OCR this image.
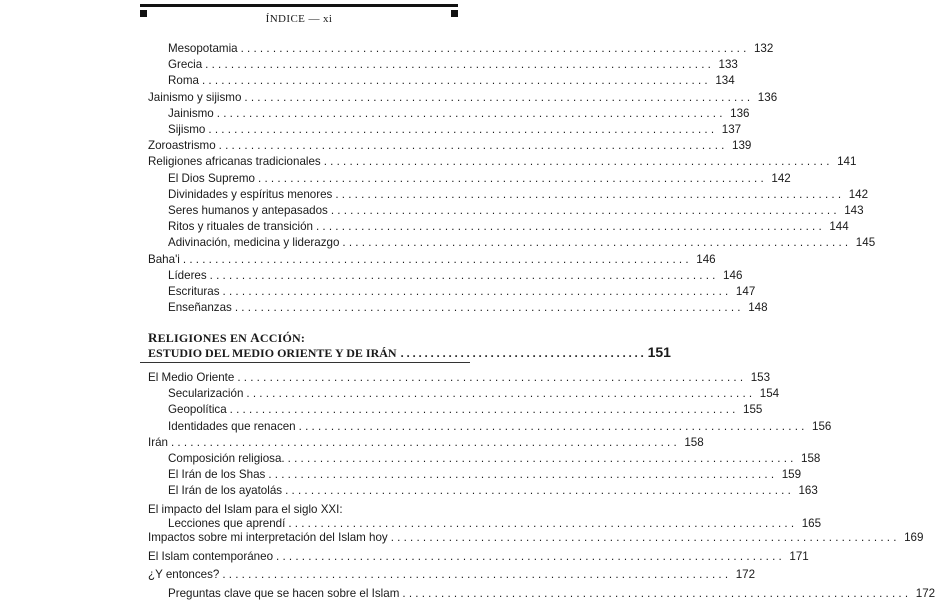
ÍNDICE — xi
Mesopotamia . . .	132
Grecia . . .	133
Roma . . .	134
Jainismo y sijismo . . .	136
Jainismo . . .	136
Sijismo . . .	137
Zoroastrismo . . .	139
Religiones africanas tradicionales . . .	141
El Dios Supremo . . .	142
Divinidades y espíritus menores . . .	142
Seres humanos y antepasados . . .	143
Ritos y rituales de transición . . .	144
Adivinación, medicina y liderazgo . . .	145
Baha'i . . .	146
Líderes . . .	146
Escrituras . . .	147
Enseñanzas . . .	148
RELIGIONES EN ACCIÓN:
ESTUDIO DEL MEDIO ORIENTE Y DE IRÁN . . .	151
El Medio Oriente . . .	153
Secularización . . .	154
Geopolítica . . .	155
Identidades que renacen . . .	156
Irán . . .	158
Composición religiosa. . . .	158
El Irán de los Shas . . .	159
El Irán de los ayatolás . . .	163
El impacto del Islam para el siglo XXI:
Lecciones que aprendí . . .	165
Impactos sobre mi interpretación del Islam hoy . . .	169
El Islam contemporáneo . . .	171
¿Y entonces? . . .	172
Preguntas clave que se hacen sobre el Islam . . .	172
